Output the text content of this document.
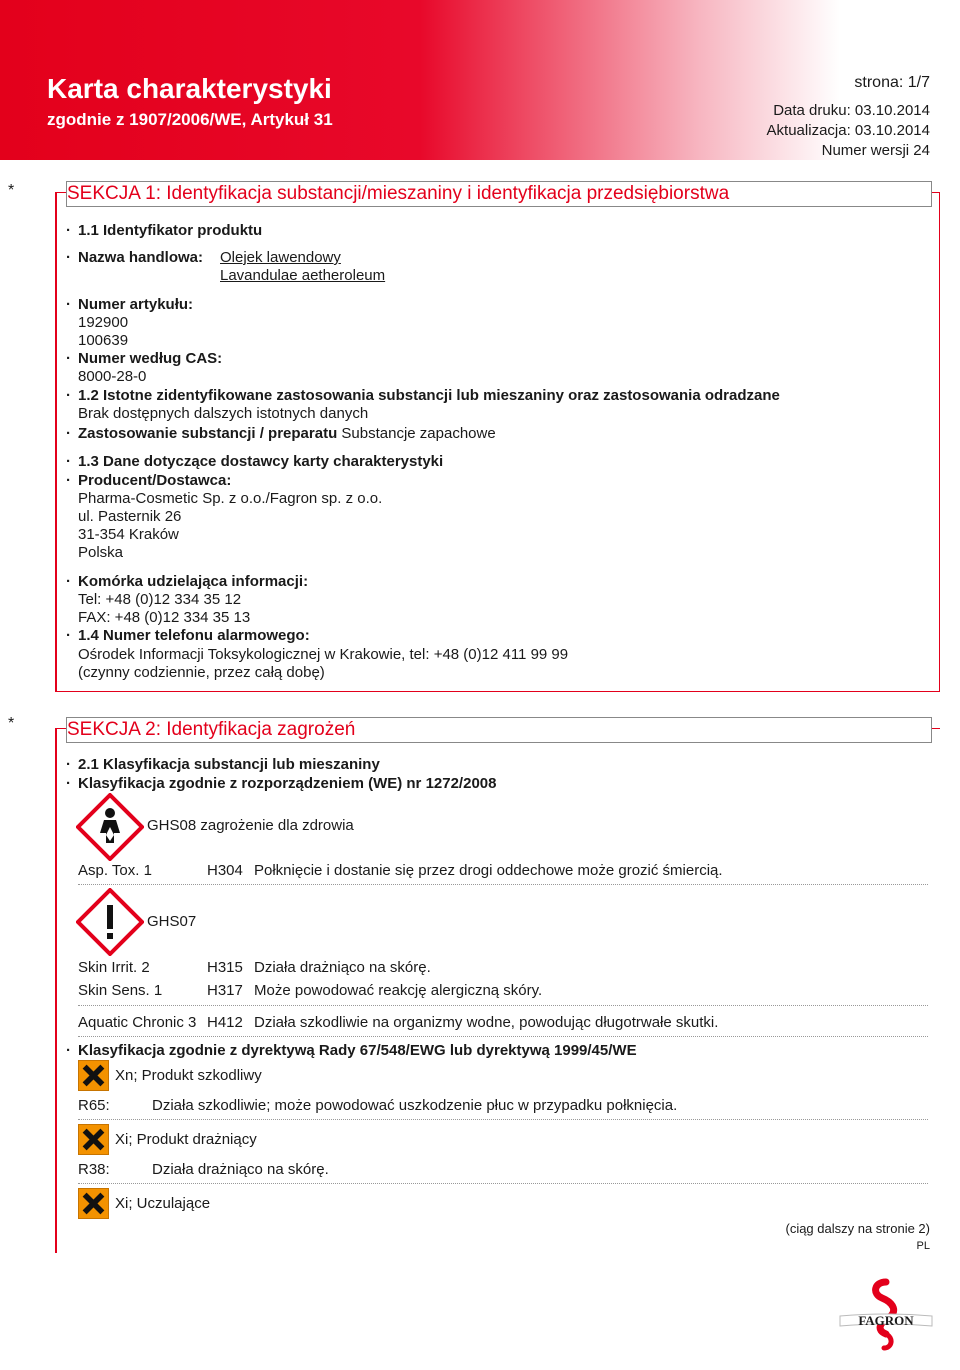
Karta charakterystyki
zgodnie z 1907/2006/WE, Artykuł 31
strona: 1/7
Data druku: 03.10.2014
Aktualizacja: 03.10.2014
Numer wersji 24
*	SEKCJA 1: Identyfikacja substancji/mieszaniny i identyfikacja przedsiębiorstwa
· 1.1 Identyfikator produktu
· Nazwa handlowa: Olejek lawendowy
Lavandulae aetheroleum
· Numer artykułu:
192900
100639
· Numer według CAS:
8000-28-0
· 1.2 Istotne zidentyfikowane zastosowania substancji lub mieszaniny oraz zastosowania odradzane
Brak dostępnych dalszych istotnych danych
· Zastosowanie substancji / preparatu Substancje zapachowe
· 1.3 Dane dotyczące dostawcy karty charakterystyki
· Producent/Dostawca:
Pharma-Cosmetic Sp. z o.o./Fagron sp. z o.o.
ul. Pasternik 26
31-354 Kraków
Polska
· Komórka udzielająca informacji:
Tel: +48 (0)12 334 35 12
FAX: +48 (0)12 334 35 13
· 1.4 Numer telefonu alarmowego:
Ośrodek Informacji Toksykologicznej w Krakowie, tel: +48 (0)12 411 99 99
(czynny codziennie, przez całą dobę)
*	SEKCJA 2: Identyfikacja zagrożeń
· 2.1 Klasyfikacja substancji lub mieszaniny
· Klasyfikacja zgodnie z rozporządzeniem (WE) nr 1272/2008
GHS08 zagrożenie dla zdrowia
Asp. Tox. 1	H304 Połknięcie i dostanie się przez drogi oddechowe może grozić śmiercią.
GHS07
Skin Irrit. 2	H315 Działa drażniąco na skórę.
Skin Sens. 1	H317 Może powodować reakcję alergiczną skóry.
Aquatic Chronic 3 H412 Działa szkodliwie na organizmy wodne, powodując długotrwałe skutki.
· Klasyfikacja zgodnie z dyrektywą Rady 67/548/EWG lub dyrektywą 1999/45/WE
Xn; Produkt szkodliwy
R65:	Działa szkodliwie; może powodować uszkodzenie płuc w przypadku połknięcia.
Xi; Produkt drażniący
R38:	Działa drażniąco na skórę.
Xi; Uczulające
(ciąg dalszy na stronie 2)
PL
FAGRON
